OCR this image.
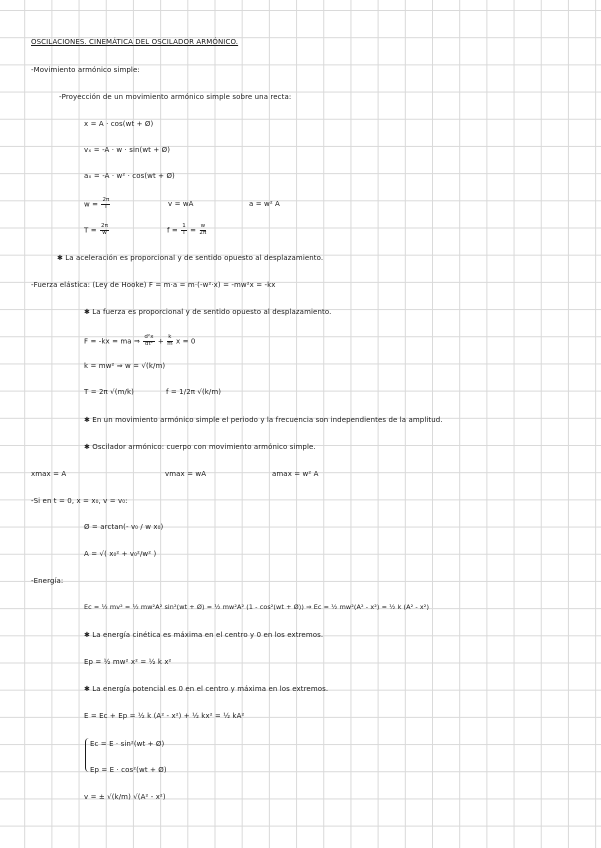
OSCILACIONES. CINEMÁTICA DEL OSCILADOR ARMÓNICO.
-Movimiento armónico simple:
-Proyección de un movimiento armónico simple sobre una recta:
x = A · cos(wt + Ø)
vₓ = -A · w · sin(wt + Ø)
aₓ = -A · w² · cos(wt + Ø)
$w = \frac{2\pi}{T}$	v = wA	a = w² A
$T = \frac{2\pi}{w}$	$f = \frac{1}{T} = \frac{w}{2\pi}$
✱ La aceleración es proporcional y de sentido opuesto al desplazamiento.
-Fuerza elástica: (Ley de Hooke) F = m·a = m·(-w²·x) = -mw²x = -kx
✱ La fuerza es proporcional y de sentido opuesto al desplazamiento.
F = -kx = ma ⇒ $\frac{\text{d²x}}{\text{dt²}} + \frac{k}{m}$ x = 0
k = mw² ⇒ w = √(k/m)
T = 2π √(m/k)	f = 1/2π √(k/m)
✱ En un movimiento armónico simple el periodo y la frecuencia son independientes de la amplitud.
✱ Oscilador armónico: cuerpo con movimiento armónico simple.
xmax = A	vmax = wA	amax = w² A
-Si en t = 0, x = x₀, v = v₀:
Ø = arctan(- v₀ / w x₀)
A = √( x₀² + v₀²/w² )
-Energía:
Ec = ½ mv² = ½ mw²A² sin²(wt + Ø) = ½ mw²A² (1 - cos²(wt + Ø)) ⇒ Ec = ½ mw²(A² - x²) = ½ k (A² - x²)
✱ La energía cinética es máxima en el centro y 0 en los extremos.
Ep = ½ mw² x² = ½ k x²
✱ La energía potencial es 0 en el centro y máxima en los extremos.
E = Ec + Ep = ½ k (A² - x²) + ½ kx² = ½ kA²
Ec = E · sin²(wt + Ø)
Ep = E · cos²(wt + Ø)
v = ± √(k/m) √(A² - x²)
